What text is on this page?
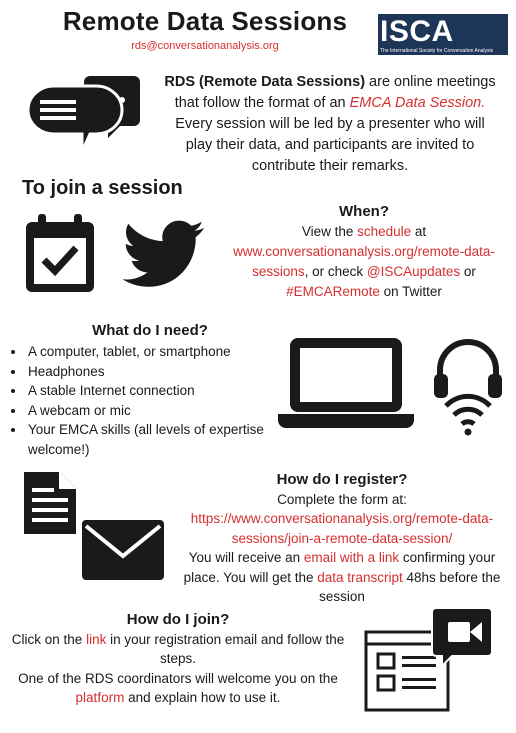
Remote Data Sessions
rds@conversationanalysis.org	ISCA
The International Society for Conversation Analysis
RDS (Remote Data Sessions) are online meetings that follow the format of an EMCA Data Session. Every session will be led by a presenter who will play their data, and participants are invited to contribute their remarks.
To join a session
When?
View the schedule at www.conversationanalysis.org/remote-data-sessions, or check @ISCAupdates or #EMCARemote on Twitter
What do I need?
• A computer, tablet, or smartphone
• Headphones
• A stable Internet connection
• A webcam or mic
• Your EMCA skills (all levels of expertise welcome!)
How do I register?
Complete the form at: https://www.conversationanalysis.org/remote-data-sessions/join-a-remote-data-session/
You will receive an email with a link confirming your place. You will get the data transcript 48hs before the session
How do I join?
Click on the link in your registration email and follow the steps.
One of the RDS coordinators will welcome you on the platform and explain how to use it.
